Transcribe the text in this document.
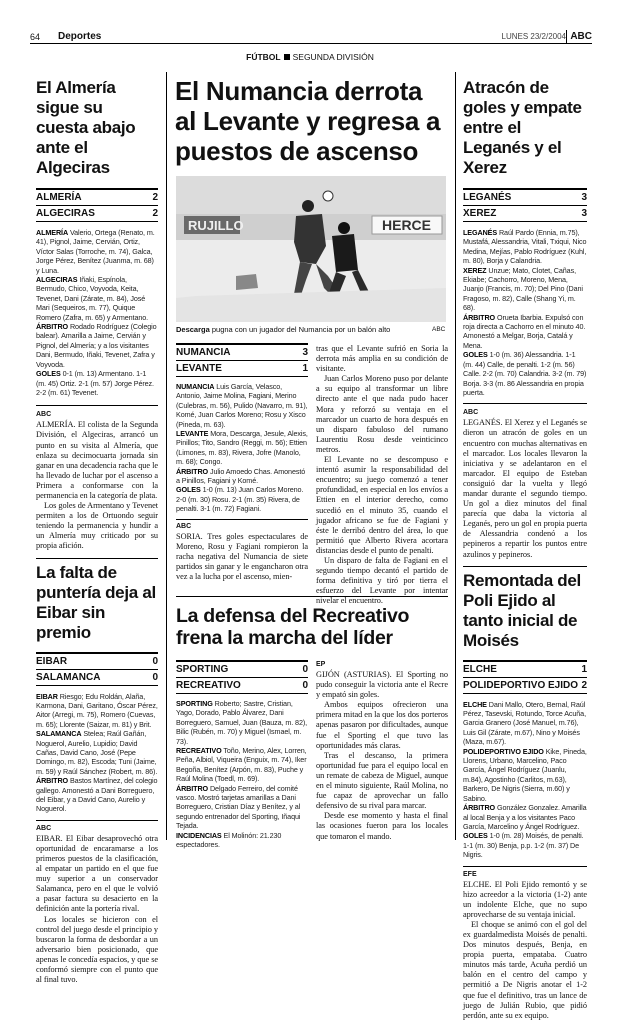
64 Deportes	LUNES 23/2/2004 ABC
FÚTBOL SEGUNDA DIVISIÓN
El Almería sigue su cuesta abajo ante el Algeciras
ALMERÍA	2
ALGECIRAS	2

ALMERÍA Valerio, Ortega (Renato, m. 41), Pignol, Jaime, Cervián, Ortiz, Víctor Salas (Torroche, m. 74), Galca, Jorge Pérez, Benítez (Juanma, m. 68) y Luna.

ALGECIRAS Iñaki, Espínola, Bermudo, Chico, Voyvoda, Keita, Tevenet, Dani (Zárate, m. 84), José Mari (Sequeiros, m. 77), Quique Romero (Zafra, m. 65) y Armentano.

ÁRBITRO Rodado Rodríguez (Colegio balear). Amarilla a Jaime, Cervián y Pignol, del Almería; y a los visitantes Dani, Bermudo, Iñaki, Tevenet, Zafra y Voyvoda.

GOLES 0-1 (m. 13) Armentano. 1-1 (m. 45) Ortiz. 2-1 (m. 57) Jorge Pérez. 2-2 (m. 61) Tevenet.

ABC

ALMERÍA. El colista de la Segunda División, el Algeciras, arrancó un punto en su visita al Almería, que enlaza su decimocuarta jornada sin ganar en una decadencia racha que le ha llevado de luchar por el ascenso a Primera a conformarse con la permanencia en la categoría de plata.

Los goles de Armentano y Tevenet permiten a los de Ortuondo seguir teniendo la permanencia y hundir a un Almería muy criticado por su propia afición.

La falta de puntería deja al Eibar sin premio
EIBAR	0
SALAMANCA	0

EIBAR Riesgo; Edu Roldán, Alaña, Karmona, Dani, Garitano, Óscar Pérez, Aitor (Arregi, m. 75), Romero (Cuevas, m. 65); Llorente (Saizar, m. 81) y Brit.

SALAMANCA Stelea; Raúl Gañán, Noguerol, Aurelio, Lupidio; David Cañas, David Cano, José (Pepe Domingo, m. 82), Escoda; Tuni (Jaime, m. 59) y Raúl Sánchez (Robert, m. 86).

ÁRBITRO Bastos Martínez, del colegio gallego. Amonestó a Dani Borreguero, del Eibar, y a David Cano, Aurelio y Noguerol.

ABC

EIBAR. El Eibar desaprovechó otra oportunidad de encaramarse a los primeros puestos de la clasificación, al empatar un partido en el que fue muy superior a un conservador Salamanca, pero en el que le volvió a pasar factura su desacierto en la definición ante la portería rival.

Los locales se hicieron con el control del juego desde el principio y buscaron la forma de desbordar a un adversario bien posicionado, que apenas le concedía espacios, y que se conformó siempre con el punto que al final tuvo.

El Numancia derrota al Levante y regresa a puestos de ascenso
RUJILLO	HERCE
Descarga pugna con un jugador del Numancia por un balón alto	ABC
NUMANCIA	3
LEVANTE	1

NUMANCIA Luis García, Velasco, Antonio, Jaime Molina, Fagiani, Merino (Culebras, m. 56), Pulido (Navarro, m. 91), Komé, Juan Carlos Moreno; Rosu y Xisco (Pineda, m. 63).

LEVANTE Mora, Descarga, Jesule, Alexis, Pinillos; Tito, Sandro (Reggi, m. 56); Ettien (Limones, m. 83), Rivera, Jofre (Manolo, m. 68); Congo.

ÁRBITRO Julio Amoedo Chas. Amonestó a Pinillos, Fagiani y Komé.

GOLES 1-0 (m. 13) Juan Carlos Moreno. 2-0 (m. 30) Rosu. 2-1 (m. 35) Rivera, de penalti. 3-1 (m. 72) Fagiani.

ABC

SORIA. Tres goles espectaculares de Moreno, Rosu y Fagiani rompieron la racha negativa del Numancia de siete partidos sin ganar y le engancharon otra vez a la lucha por el ascenso, mien-

tras que el Levante sufrió en Soria la derrota más amplia en su condición de visitante.

Juan Carlos Moreno puso por delante a su equipo al transformar un libre directo ante el que nada pudo hacer Mora y reforzó su ventaja en el marcador un cuarto de hora después en un disparo fabuloso del rumano Laurentiu Rosu desde veinticinco metros.

El Levante no se descompuso e intentó asumir la responsabilidad del encuentro; su juego comenzó a tener profundidad, en especial en los envíos a Ettien en el interior derecho, como sucedió en el minuto 35, cuando el jugador africano se fue de Fagiani y éste le derribó dentro del área, lo que permitió que Alberto Rivera acortara distancias desde el punto de penalti.

Un disparo de falta de Fagiani en el segundo tiempo decantó el partido de forma definitiva y tiró por tierra el esfuerzo del Levante por intentar nivelar el encuentro.

La defensa del Recreativo frena la marcha del líder
SPORTING	0
RECREATIVO	0

SPORTING Roberto; Sastre, Cristian, Yago, Dorado, Pablo Álvarez, Dani Borreguero, Samuel, Juan (Bauza, m. 82), Bilic (Rubén, m. 70) y Miguel (Ismael, m. 73).

RECREATIVO Toño, Merino, Alex, Lorren, Peña, Albiol, Viqueira (Enguix, m. 74), Iker Begoña, Benítez (Arpón, m. 83), Puche y Raúl Molina (Toedl, m. 69).

ÁRBITRO Delgado Ferreiro, del comité vasco. Mostró tarjetas amarillas a Dani Borreguero, Cristian Díaz y Benítez, y al segundo entrenador del Sporting, Iñaqui Tejada.

INCIDENCIAS El Molinón: 21.230 espectadores.

EP

GIJÓN (ASTURIAS). El Sporting no pudo conseguir la victoria ante el Recre y empató sin goles.

Ambos equipos ofrecieron una primera mitad en la que los dos porteros apenas pasaron por dificultades, aunque fue el Sporting el que tuvo las oportunidades más claras.

Tras el descanso, la primera oportunidad fue para el equipo local en un remate de cabeza de Miguel, aunque en el minuto siguiente, Raúl Molina, no fue capaz de aprovechar un fallo defensivo de su rival para marcar.

Desde ese momento y hasta el final las ocasiones fueron para los locales que tomaron el mando.

Atracón de goles y empate entre el Leganés y el Xerez
LEGANÉS	3
XEREZ	3

LEGANÉS Raúl Pardo (Ennia, m.75), Mustafá, Alessandria, Vitali, Txiqui, Nico Medina, Mejías, Pablo Rodríguez (Kuhl, m. 80), Borja y Calandria.

XEREZ Unzue; Mato, Clotet, Cañas, Ekiabe; Cachorro, Moreno, Mena, Juanjo (Francis, m. 70); Del Pino (Dani Fragoso, m. 82), Calle (Shang Yi, m. 68).

ÁRBITRO Orueta Ibarbia. Expulsó con roja directa a Cachorro en el minuto 40. Amonestó a Melgar, Borja, Catalá y Mena.

GOLES 1-0 (m. 36) Alessandria. 1-1 (m. 44) Calle, de penalti. 1-2 (m. 56) Calle. 2-2 (m. 70) Calandria. 3-2 (m. 79) Borja. 3-3 (m. 86 Alessandria en propia puerta.

ABC

LEGANÉS. El Xerez y el Leganés se dieron un atracón de goles en un encuentro con muchas alternativas en el marcador. Los locales llevaron la iniciativa y se adelantaron en el marcador. El equipo de Esteban consiguió dar la vuelta y llegó mandar durante el segundo tiempo. Un gol a diez minutos del final parecía que daba la victoria al Leganés, pero un gol en propia puerta de Alessandria condenó a los pepineros a repartir los puntos entre azulinos y pepineros.

Remontada del Poli Ejido al tanto inicial de Moisés
ELCHE	1
POLIDEPORTIVO EJIDO 2

ELCHE Dani Mallo, Otero, Bernal, Raúl Pérez, Tasevski, Rotundo, Torce Acuña, Garcia Granero (José Manuel, m.76), Luis Gil (Zárate, m.67), Nino y Moisés (Maza, m.67).

POLIDEPORTIVO EJIDO Kike, Pineda, Llorens, Urbano, Marcelino, Paco García, Ángel Rodríguez (Juanlu, m.84), Agostinho (Carlitos, m.63), Barkero, De Nigris (Sierra, m.60) y Sabino.

ÁRBITRO González Gonzalez. Amarilla al local Benja y a los visitantes Paco García, Marcelino y Ángel Rodríguez.

GOLES 1-0 (m. 28) Moisés, de penalti. 1-1 (m. 30) Benja, p.p. 1-2 (m. 37) De Nigris.

EFE

ELCHE. El Poli Ejido remontó y se hizo acreedor a la victoria (1-2) ante un indolente Elche, que no supo aprovecharse de su ventaja inicial.

El choque se animó con el gol del ex guardalmedista Moisés de penalti. Dos minutos después, Benja, en propia puerta, empataba. Cuatro minutos más tarde, Acuña perdió un balón en el centro del campo y permitió a De Nigris anotar el 1-2 que fue el definitivo, tras un lance de juego de Julián Rubio, que pidió perdón, ante su ex equipo.
